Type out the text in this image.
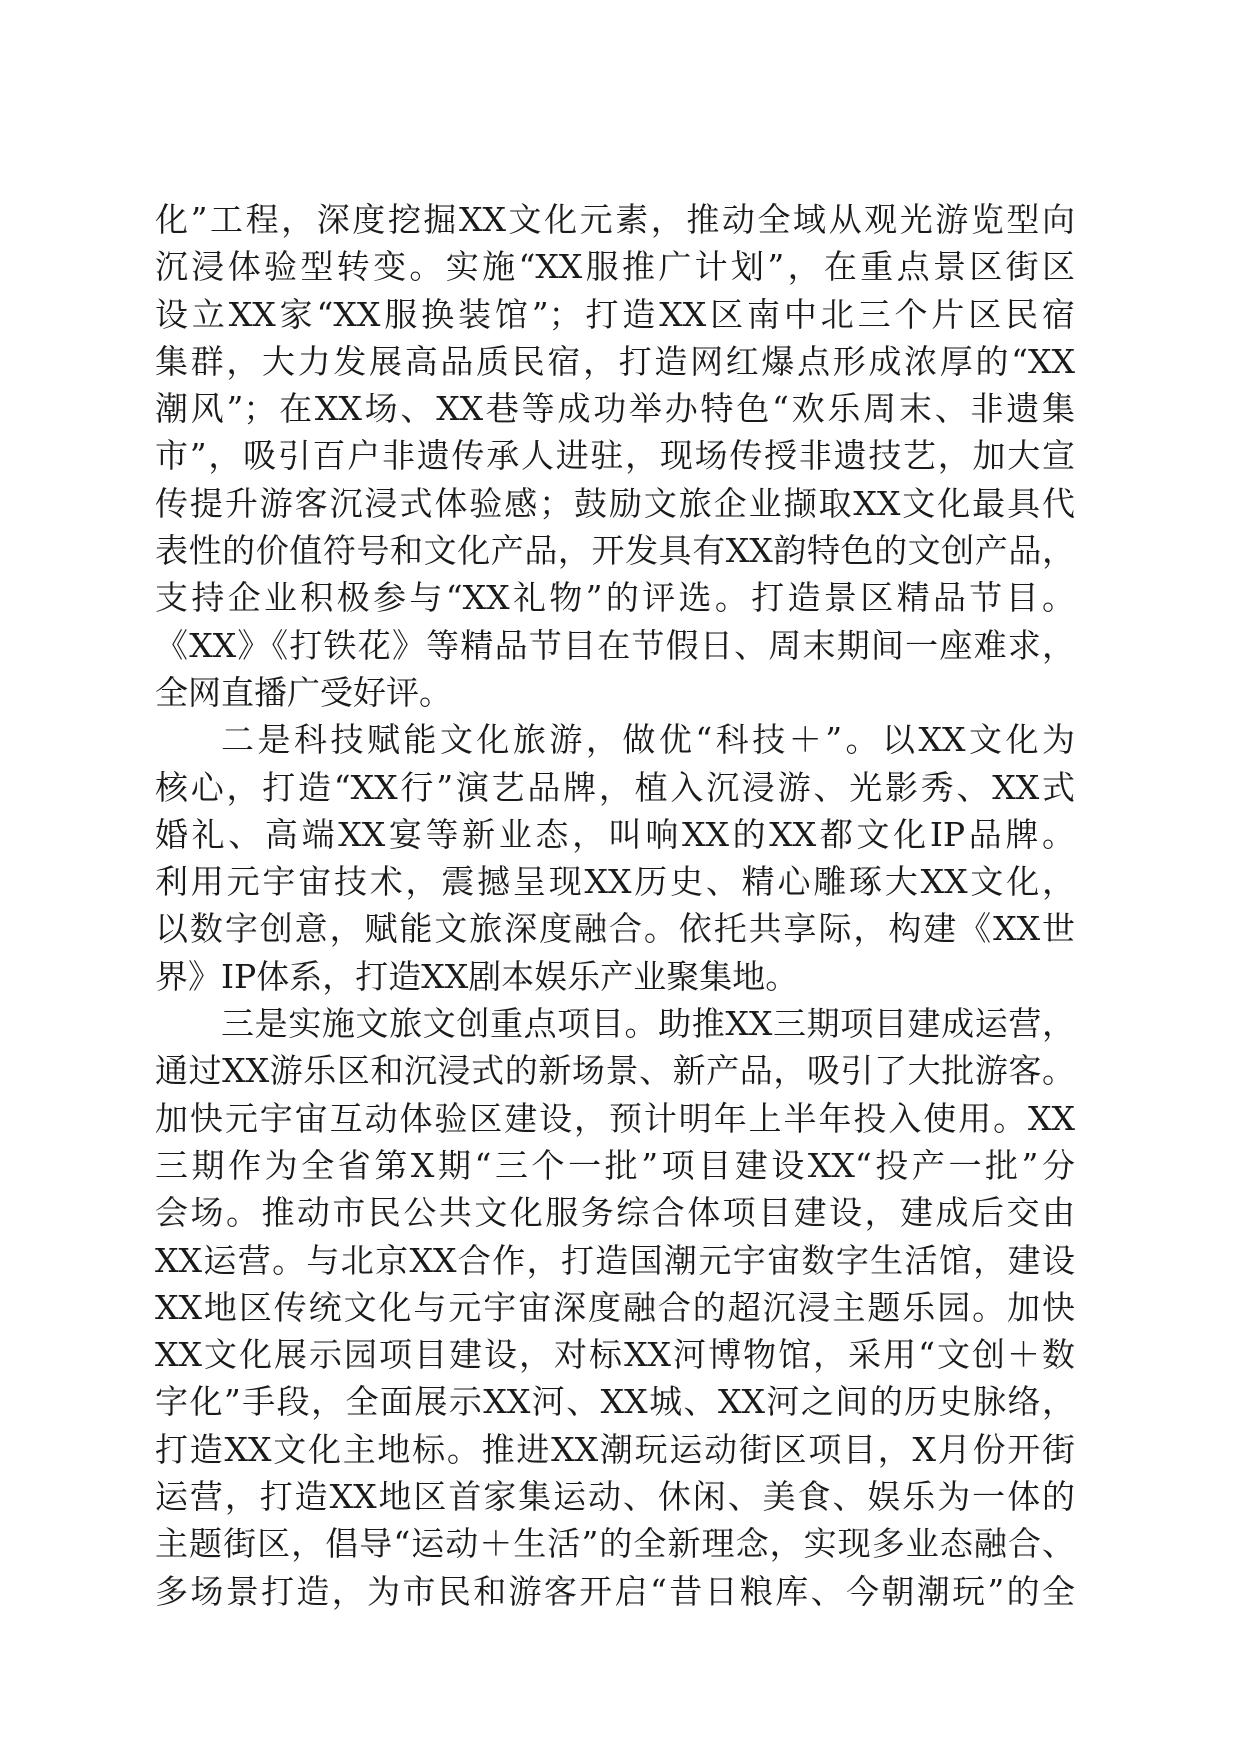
化”工程，深度挖掘XX文化元素，推动全域从观光游览型向
沉浸体验型转变。实施“XX服推广计划”，在重点景区街区
设立XX家“XX服换装馆”；打造XX区南中北三个片区民宿
集群，大力发展高品质民宿，打造网红爆点形成浓厚的“XX
潮风”；在XX场、XX巷等成功举办特色“欢乐周末、非遗集
市”，吸引百户非遗传承人进驻，现场传授非遗技艺，加大宣
传提升游客沉浸式体验感；鼓励文旅企业撷取XX文化最具代
表性的价值符号和文化产品，开发具有XX韵特色的文创产品，
支持企业积极参与“XX礼物”的评选。打造景区精品节目。
《XX》《打铁花》等精品节目在节假日、周末期间一座难求，
全网直播广受好评。
二是科技赋能文化旅游，做优“科技＋”。以XX文化为
核心，打造“XX行”演艺品牌，植入沉浸游、光影秀、XX式
婚礼、高端XX宴等新业态，叫响XX的XX都文化IP品牌。
利用元宇宙技术，震撼呈现XX历史、精心雕琢大XX文化，
以数字创意，赋能文旅深度融合。依托共享际，构建《XX世
界》IP体系，打造XX剧本娱乐产业聚集地。
三是实施文旅文创重点项目。助推XX三期项目建成运营，
通过XX游乐区和沉浸式的新场景、新产品，吸引了大批游客。
加快元宇宙互动体验区建设，预计明年上半年投入使用。XX
三期作为全省第X期“三个一批”项目建设XX“投产一批”分
会场。推动市民公共文化服务综合体项目建设，建成后交由
XX运营。与北京XX合作，打造国潮元宇宙数字生活馆，建设
XX地区传统文化与元宇宙深度融合的超沉浸主题乐园。加快
XX文化展示园项目建设，对标XX河博物馆，采用“文创＋数
字化”手段，全面展示XX河、XX城、XX河之间的历史脉络，
打造XX文化主地标。推进XX潮玩运动街区项目，X月份开街
运营，打造XX地区首家集运动、休闲、美食、娱乐为一体的
主题街区，倡导“运动＋生活”的全新理念，实现多业态融合、
多场景打造，为市民和游客开启“昔日粮库、今朝潮玩”的全
